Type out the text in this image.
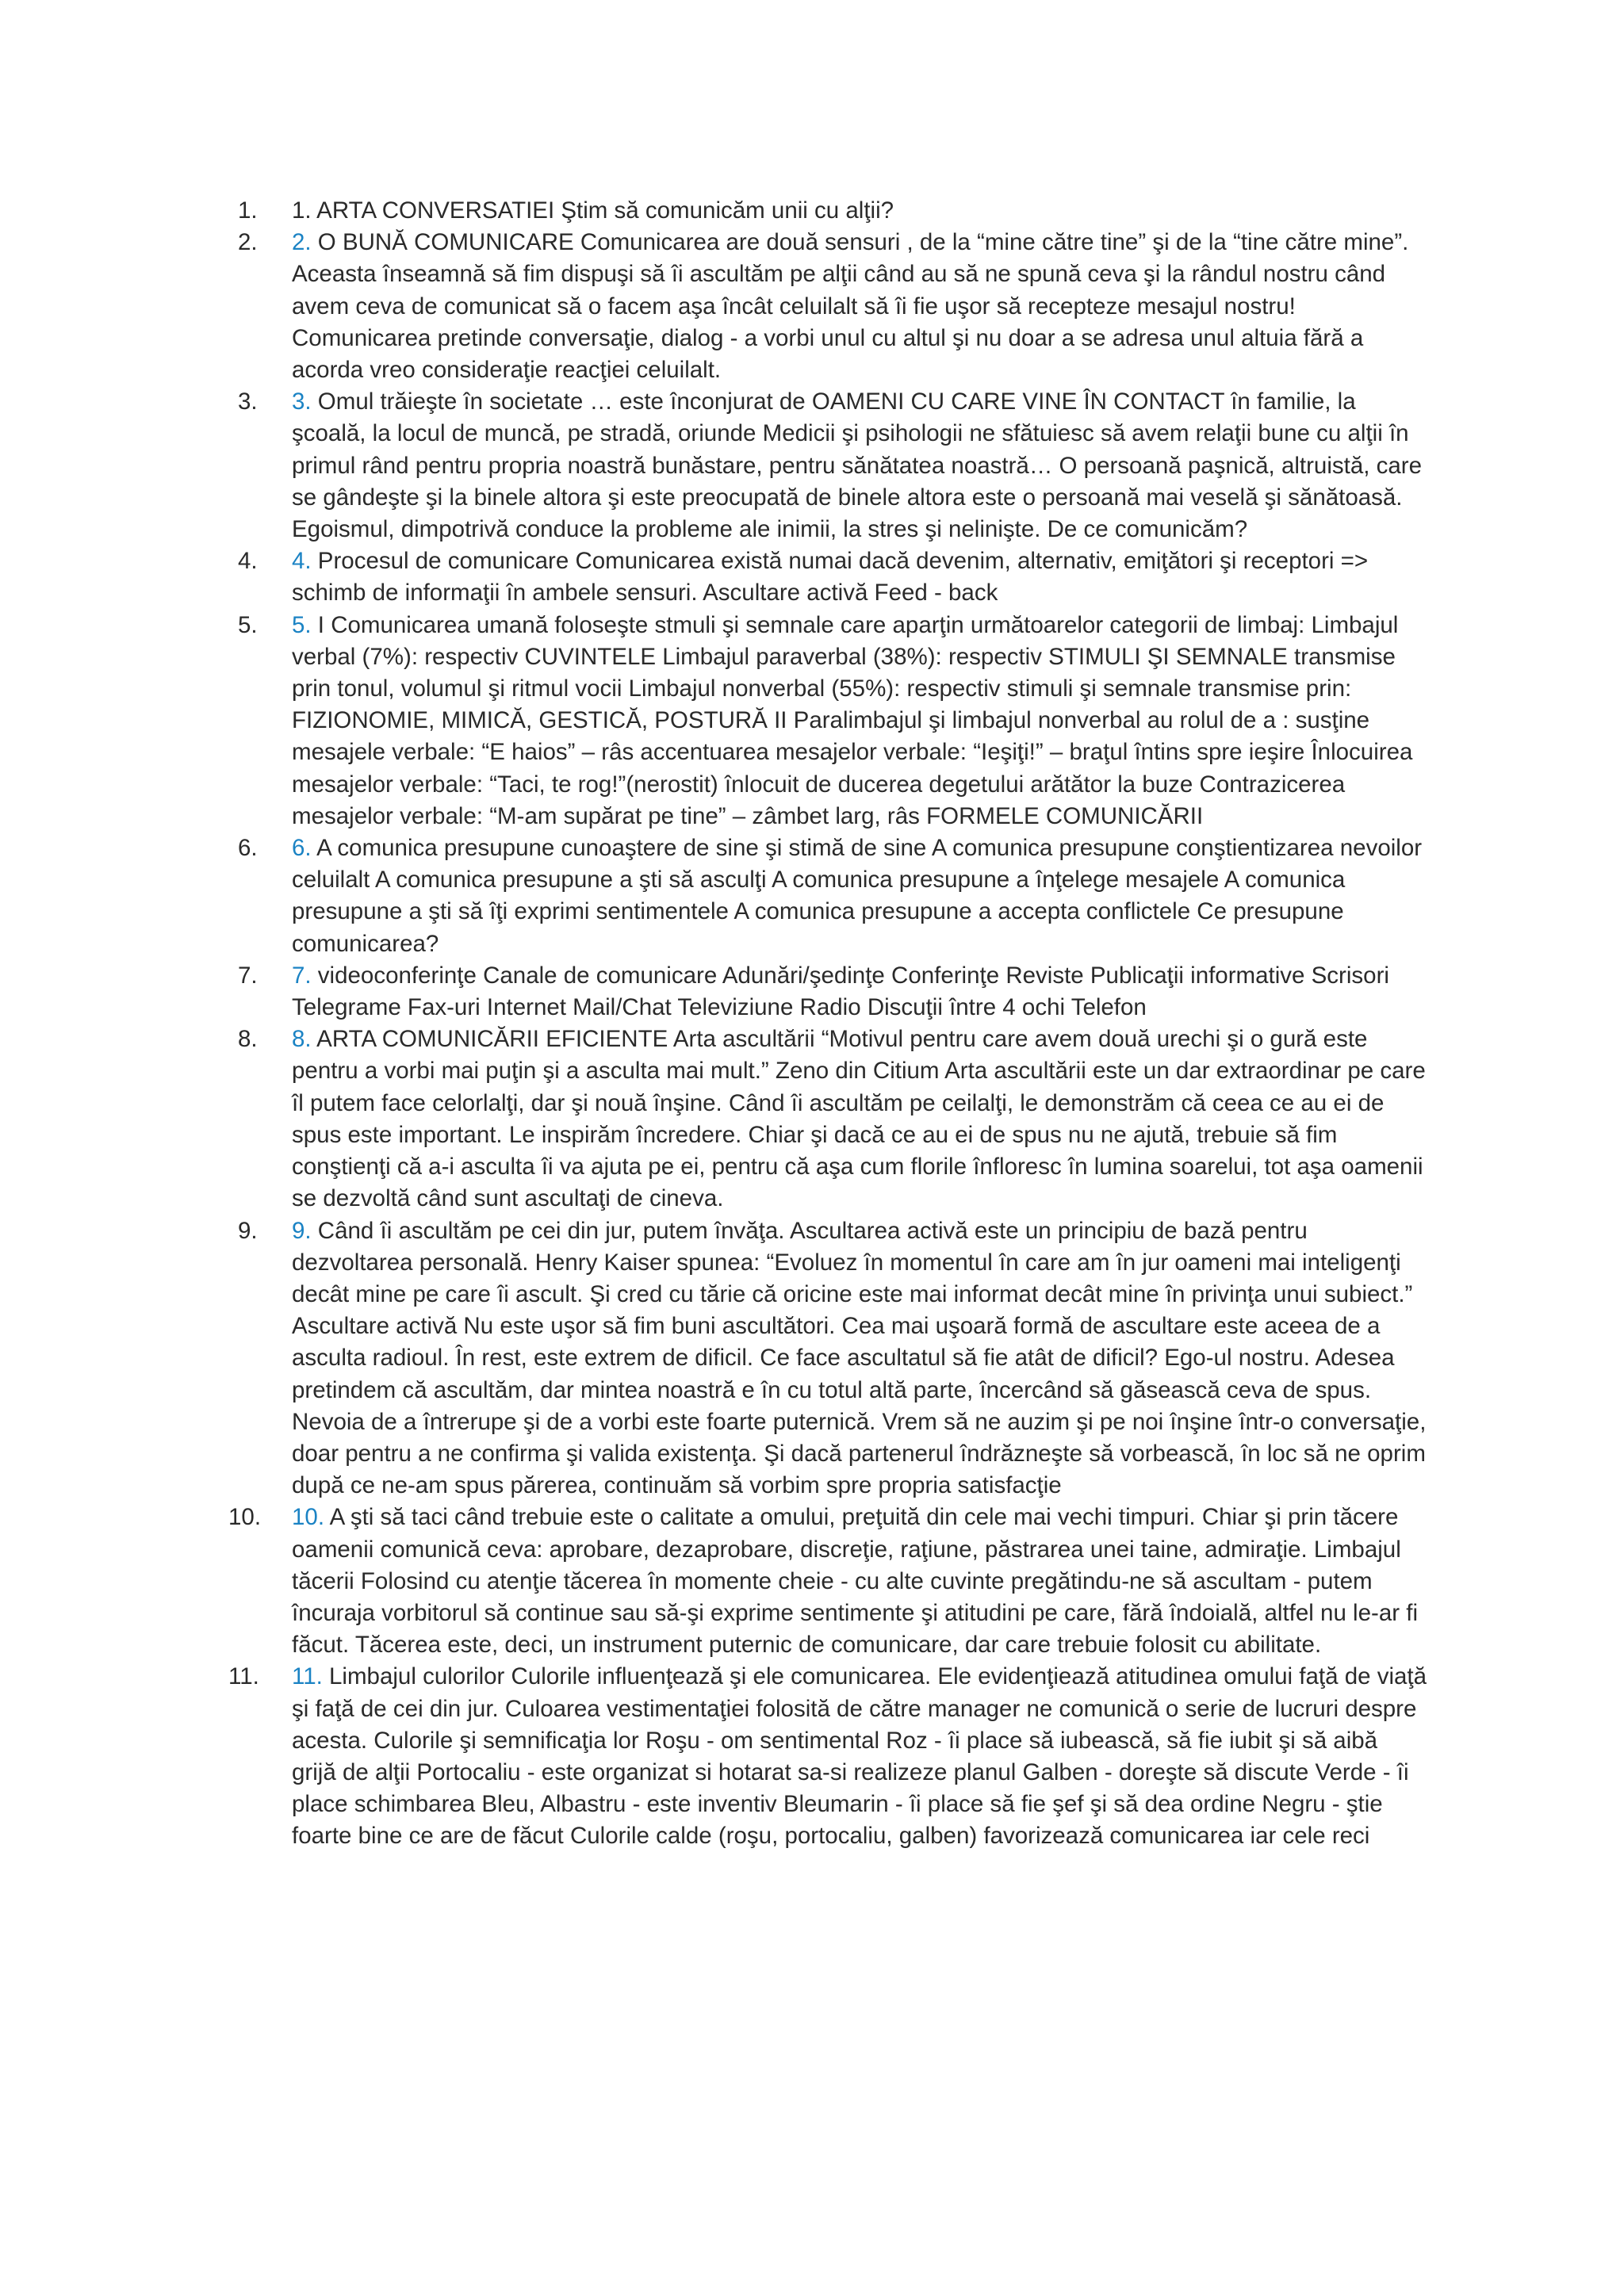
1.	1. ARTA CONVERSATIEI Ştim să comunicăm unii cu alţii?
2.	2. O BUNĂ COMUNICARE Comunicarea are două sensuri , de la “mine către tine” şi de la “tine către mine”. Aceasta înseamnă să fim dispuşi să îi ascultăm pe alţii când au să ne spună ceva şi la rândul nostru când avem ceva de comunicat să o facem aşa încât celuilalt să îi fie uşor să recepteze mesajul nostru! Comunicarea pretinde conversaţie, dialog - a vorbi unul cu altul şi nu doar a se adresa unul altuia fără a acorda vreo consideraţie reacţiei celuilalt.
3.	3. Omul trăieşte în societate … este înconjurat de OAMENI CU CARE VINE ÎN CONTACT în familie, la şcoală, la locul de muncă, pe stradă, oriunde Medicii şi psihologii ne sfătuiesc să avem relaţii bune cu alţii în primul rând pentru propria noastră bunăstare, pentru sănătatea noastră… O persoană paşnică, altruistă, care se gândeşte şi la binele altora şi este preocupată de binele altora este o persoană mai veselă şi sănătoasă. Egoismul, dimpotrivă conduce la probleme ale inimii, la stres şi nelinişte. De ce comunicăm?
4.	4. Procesul de comunicare Comunicarea există numai dacă devenim, alternativ, emiţători şi receptori => schimb de informaţii în ambele sensuri. Ascultare activă Feed - back
5.	5. I Comunicarea umană foloseşte stmuli şi semnale care aparţin următoarelor categorii de limbaj: Limbajul verbal (7%): respectiv CUVINTELE Limbajul paraverbal (38%): respectiv STIMULI ŞI SEMNALE transmise prin tonul, volumul şi ritmul vocii Limbajul nonverbal (55%): respectiv stimuli şi semnale transmise prin: FIZIONOMIE, MIMICĂ, GESTICĂ, POSTURĂ II Paralimbajul şi limbajul nonverbal au rolul de a : susţine mesajele verbale: “E haios” – râs accentuarea mesajelor verbale: “Ieşiţi!” – braţul întins spre ieşire Înlocuirea mesajelor verbale: “Taci, te rog!”(nerostit) înlocuit de ducerea degetului arătător la buze Contrazicerea mesajelor verbale: “M-am supărat pe tine” – zâmbet larg, râs FORMELE COMUNICĂRII
6.	6. A comunica presupune cunoaştere de sine şi stimă de sine A comunica presupune conştientizarea nevoilor celuilalt A comunica presupune a şti să asculţi A comunica presupune a înţelege mesajele A comunica presupune a şti să îţi exprimi sentimentele A comunica presupune a accepta conflictele Ce presupune comunicarea?
7.	7. videoconferinţe Canale de comunicare Adunări/şedinţe Conferinţe Reviste Publicaţii informative Scrisori Telegrame Fax-uri Internet Mail/Chat Televiziune Radio Discuţii între 4 ochi Telefon
8.	8. ARTA COMUNICĂRII EFICIENTE Arta ascultării “Motivul pentru care avem două urechi şi o gură este pentru a vorbi mai puţin şi a asculta mai mult.” Zeno din Citium Arta ascultării este un dar extraordinar pe care îl putem face celorlalţi, dar şi nouă înşine. Când îi ascultăm pe ceilalţi, le demonstrăm că ceea ce au ei de spus este important. Le inspirăm încredere. Chiar şi dacă ce au ei de spus nu ne ajută, trebuie să fim conştienţi că a-i asculta îi va ajuta pe ei, pentru că aşa cum florile înfloresc în lumina soarelui, tot aşa oamenii se dezvoltă când sunt ascultaţi de cineva.
9.	9. Când îi ascultăm pe cei din jur, putem învăţa. Ascultarea activă este un principiu de bază pentru dezvoltarea personală. Henry Kaiser spunea: “Evoluez în momentul în care am în jur oameni mai inteligenţi decât mine pe care îi ascult. Şi cred cu tărie că oricine este mai informat decât mine în privinţa unui subiect.” Ascultare activă Nu este uşor să fim buni ascultători. Cea mai uşoară formă de ascultare este aceea de a asculta radioul. În rest, este extrem de dificil. Ce face ascultatul să fie atât de dificil? Ego-ul nostru. Adesea pretindem că ascultăm, dar mintea noastră e în cu totul altă parte, încercând să găsească ceva de spus. Nevoia de a întrerupe şi de a vorbi este foarte puternică. Vrem să ne auzim şi pe noi înşine într-o conversaţie, doar pentru a ne confirma şi valida existenţa. Şi dacă partenerul îndrăzneşte să vorbească, în loc să ne oprim după ce ne-am spus părerea, continuăm să vorbim spre propria satisfacţie
10. 10. A şti să taci când trebuie este o calitate a omului, preţuită din cele mai vechi timpuri. Chiar şi prin tăcere oamenii comunică ceva: aprobare, dezaprobare, discreţie, raţiune, păstrarea unei taine, admiraţie. Limbajul tăcerii Folosind cu atenţie tăcerea în momente cheie - cu alte cuvinte pregătindu-ne să ascultam - putem încuraja vorbitorul să continue sau să-şi exprime sentimente şi atitudini pe care, fără îndoială, altfel nu le-ar fi făcut. Tăcerea este, deci, un instrument puternic de comunicare, dar care trebuie folosit cu abilitate.
11.	11. Limbajul culorilor Culorile influenţează şi ele comunicarea. Ele evidenţiează atitudinea omului faţă de viaţă şi faţă de cei din jur. Culoarea vestimentaţiei folosită de către manager ne comunică o serie de lucruri despre acesta. Culorile şi semnificaţia lor Roşu - om sentimental Roz - îi place să iubească, să fie iubit şi să aibă grijă de alţii Portocaliu - este organizat si hotarat sa-si realizeze planul Galben - doreşte să discute Verde - îi place schimbarea Bleu, Albastru - este inventiv Bleumarin - îi place să fie şef şi să dea ordine Negru - ştie foarte bine ce are de făcut Culorile calde (roşu, portocaliu, galben) favorizează comunicarea iar cele reci
